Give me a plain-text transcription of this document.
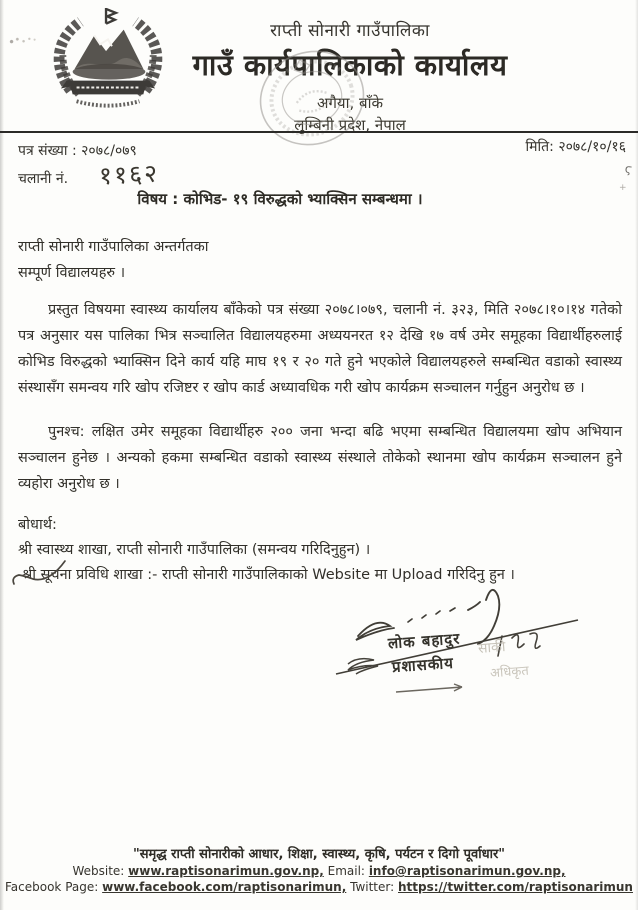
ϛ
+
राप्ती सोनारी गाउँपालिका
गाउँ कार्यपालिकाको कार्यालय
अगैया, बाँके
लुम्बिनी प्रदेश, नेपाल
पत्र संख्या : २०७८/०७९	मिति: २०७८/१०/१६
चलानी नं. ११६२
विषय : कोभिड- १९ विरुद्धको भ्याक्सिन सम्बन्धमा ।
राप्ती सोनारी गाउँपालिका अन्तर्गतका
सम्पूर्ण विद्यालयहरु ।
प्रस्तुत विषयमा स्वास्थ्य कार्यालय बाँकेको पत्र संख्या २०७८।०७९, चलानी नं. ३२३, मिति २०७८।१०।१४ गतेको पत्र अनुसार यस पालिका भित्र सञ्चालित विद्यालयहरुमा अध्ययनरत १२ देखि १७ वर्ष उमेर समूहका विद्यार्थीहरुलाई कोभिड विरुद्धको भ्याक्सिन दिने कार्य यहि माघ १९ र २० गते हुने भएकोले विद्यालयहरुले सम्बन्धित वडाको स्वास्थ्य संस्थासँग समन्वय गरि खोप रजिष्टर र खोप कार्ड अध्यावधिक गरी खोप कार्यक्रम सञ्चालन गर्नुहुन अनुरोध छ ।
पुनश्च: लक्षित उमेर समूहका विद्यार्थीहरु २०० जना भन्दा बढि भएमा सम्बन्धित विद्यालयमा खोप अभियान सञ्चालन हुनेछ । अन्यको हकमा सम्बन्धित वडाको स्वास्थ्य संस्थाले तोकेको स्थानमा खोप कार्यक्रम सञ्चालन हुने व्यहोरा अनुरोध छ ।
बोधार्थ:
श्री स्वास्थ्य शाखा, राप्ती सोनारी गाउँपालिका (समन्वय गरिदिनुहुन) ।
श्री सूचना प्रविधि शाखा :- राप्ती सोनारी गाउँपालिकाको Website मा Upload गरिदिनु हुन ।
लोक बहादुर साकी
प्रशासकीय	अधिकृत
"समृद्ध राप्ती सोनारीको आधार, शिक्षा, स्वास्थ्य, कृषि, पर्यटन र दिगो पूर्वाधार"
Website: www.raptisonarimun.gov.np, Email: info@raptisonarimun.gov.np,
Facebook Page: www.facebook.com/raptisonarimun, Twitter: https://twitter.com/raptisonarimun
